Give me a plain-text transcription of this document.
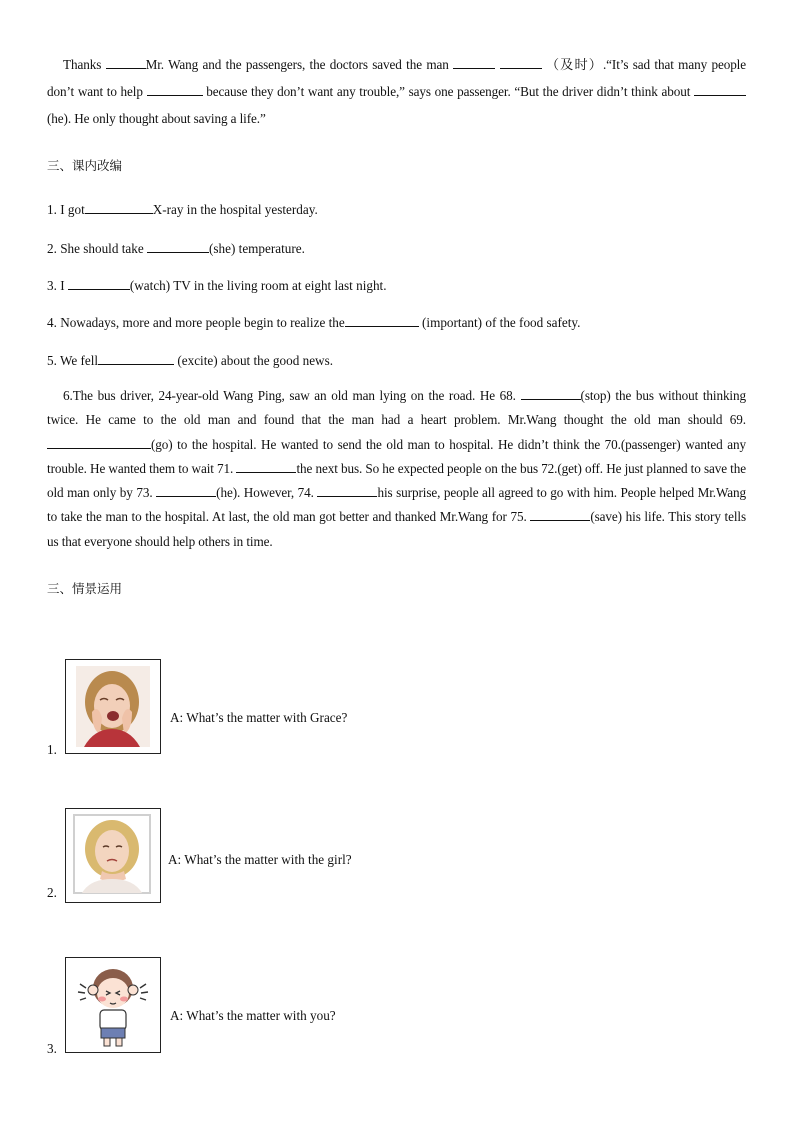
Thanks	Mr. Wang and the passengers, the doctors saved the man	（及时）.“It’s sad that many people don’t want to help	because they don’t want any trouble,” says one passenger. “But the driver didn’t think about (he). He only thought about saving a life.”
三、课内改编
1. I got	X-ray in the hospital yesterday.
2. She should take	(she) temperature.
3. I	(watch) TV in the living room at eight last night.
4. Nowadays, more and more people begin to realize the	(important) of the food safety.
5. We fell	(excite) about the good news.
6.The bus driver, 24-year-old Wang Ping, saw an old man lying on the road. He 68.	(stop) the bus without thinking twice. He came to the old man and found that the man had a heart problem. Mr.Wang thought the old man should 69. (go) to the hospital. He wanted to send the old man to hospital. He didn’t think the 70.(passenger) wanted any trouble. He wanted them to wait 71.	the next bus. So he expected people on the bus 72.(get) off. He just planned to save the old man only by 73.	(he). However, 74.	his surprise, people all agreed to go with him. People helped Mr.Wang to take the man to the hospital. At last, the old man got better and thanked Mr.Wang for 75.	(save) his life. This story tells us that everyone should help others in time.
三、情景运用
1.
A: What’s the matter with Grace?
2.
A: What’s the matter with the girl?
3.
A: What’s the matter with you?
